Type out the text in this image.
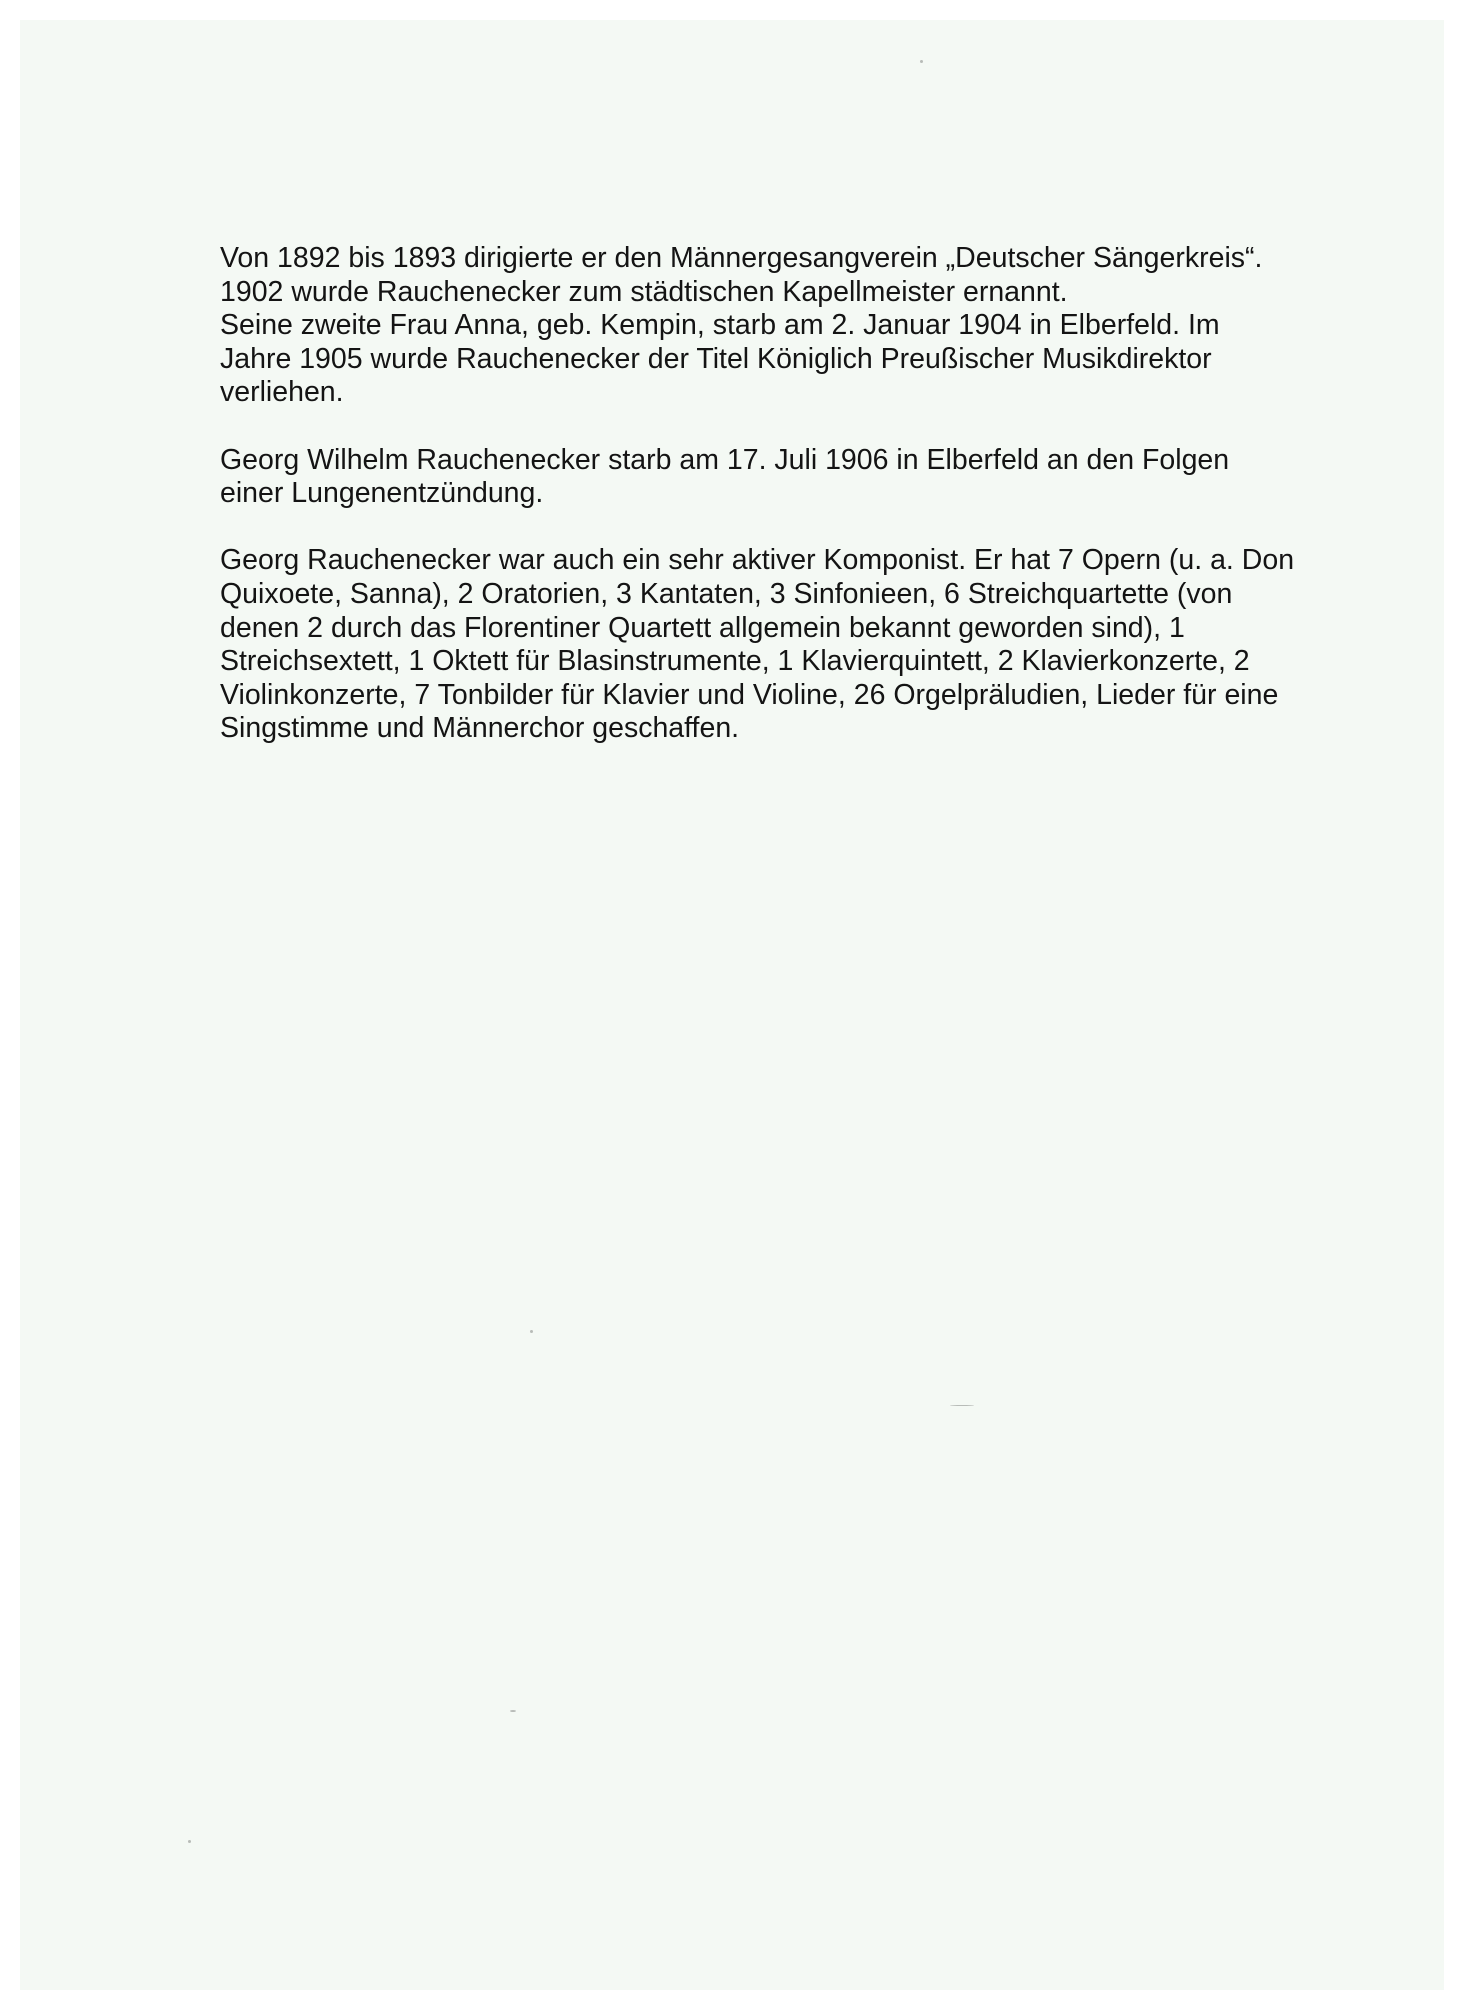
Von 1892 bis 1893 dirigierte er den Männergesangverein „Deutscher Sängerkreis“.
1902 wurde Rauchenecker zum städtischen Kapellmeister ernannt.
Seine zweite Frau Anna, geb. Kempin, starb am 2. Januar 1904 in Elberfeld. Im
Jahre 1905 wurde Rauchenecker der Titel Königlich Preußischer Musikdirektor
verliehen.

Georg Wilhelm Rauchenecker starb am 17. Juli 1906 in Elberfeld an den Folgen
einer Lungenentzündung.

Georg Rauchenecker war auch ein sehr aktiver Komponist. Er hat 7 Opern (u. a. Don
Quixoete, Sanna), 2 Oratorien, 3 Kantaten, 3 Sinfonieen, 6 Streichquartette (von
denen 2 durch das Florentiner Quartett allgemein bekannt geworden sind), 1
Streichsextett, 1 Oktett für Blasinstrumente, 1 Klavierquintett, 2 Klavierkonzerte, 2
Violinkonzerte, 7 Tonbilder für Klavier und Violine, 26 Orgelpräludien, Lieder für eine
Singstimme und Männerchor geschaffen.
